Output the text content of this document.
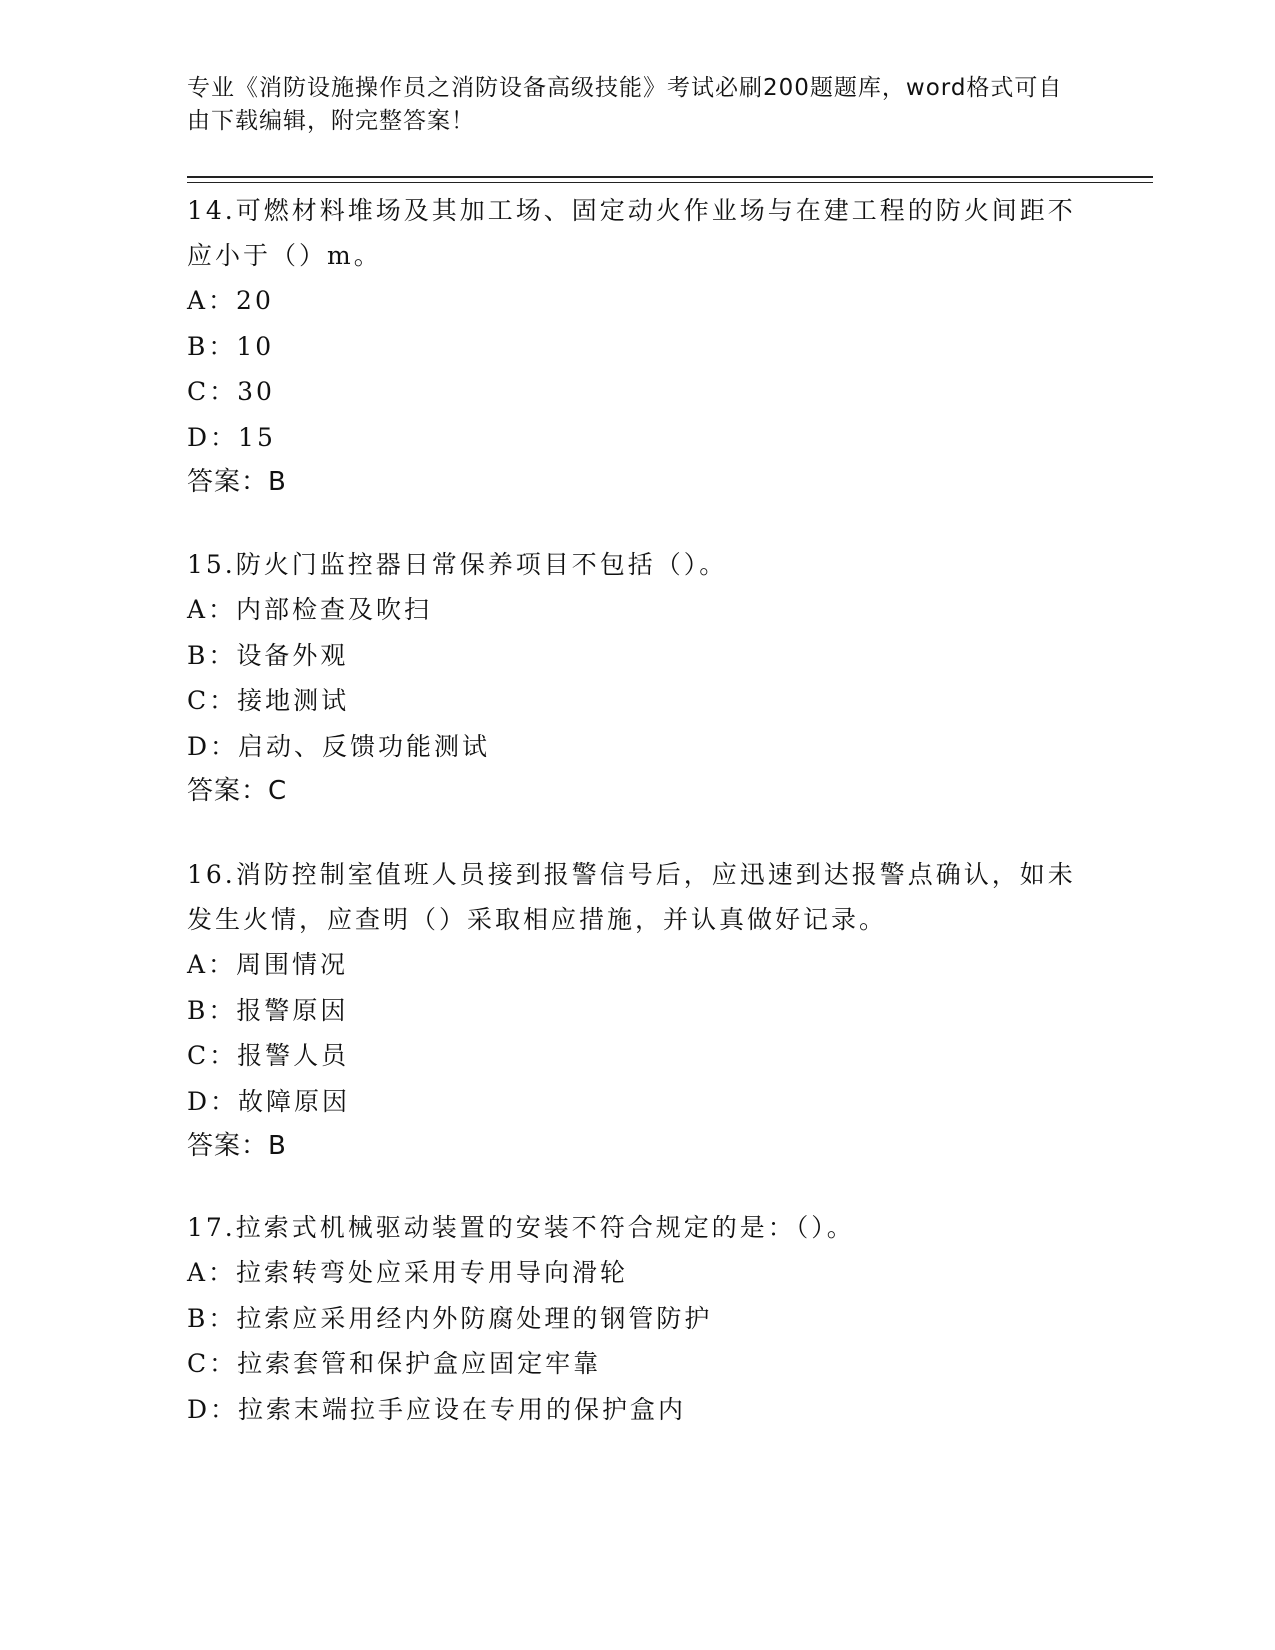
专业《消防设施操作员之消防设备高级技能》考试必刷200题题库，word格式可自由下载编辑，附完整答案！
14.可燃材料堆场及其加工场、固定动火作业场与在建工程的防火间距不应小于（）m。
A：20
B：10
C：30
D：15
答案：B
15.防火门监控器日常保养项目不包括（）。
A：内部检查及吹扫
B：设备外观
C：接地测试
D：启动、反馈功能测试
答案：C
16.消防控制室值班人员接到报警信号后，应迅速到达报警点确认，如未发生火情，应查明（）采取相应措施，并认真做好记录。
A：周围情况
B：报警原因
C：报警人员
D：故障原因
答案：B
17.拉索式机械驱动装置的安装不符合规定的是：（）。
A：拉索转弯处应采用专用导向滑轮
B：拉索应采用经内外防腐处理的钢管防护
C：拉索套管和保护盒应固定牢靠
D：拉索末端拉手应设在专用的保护盒内
